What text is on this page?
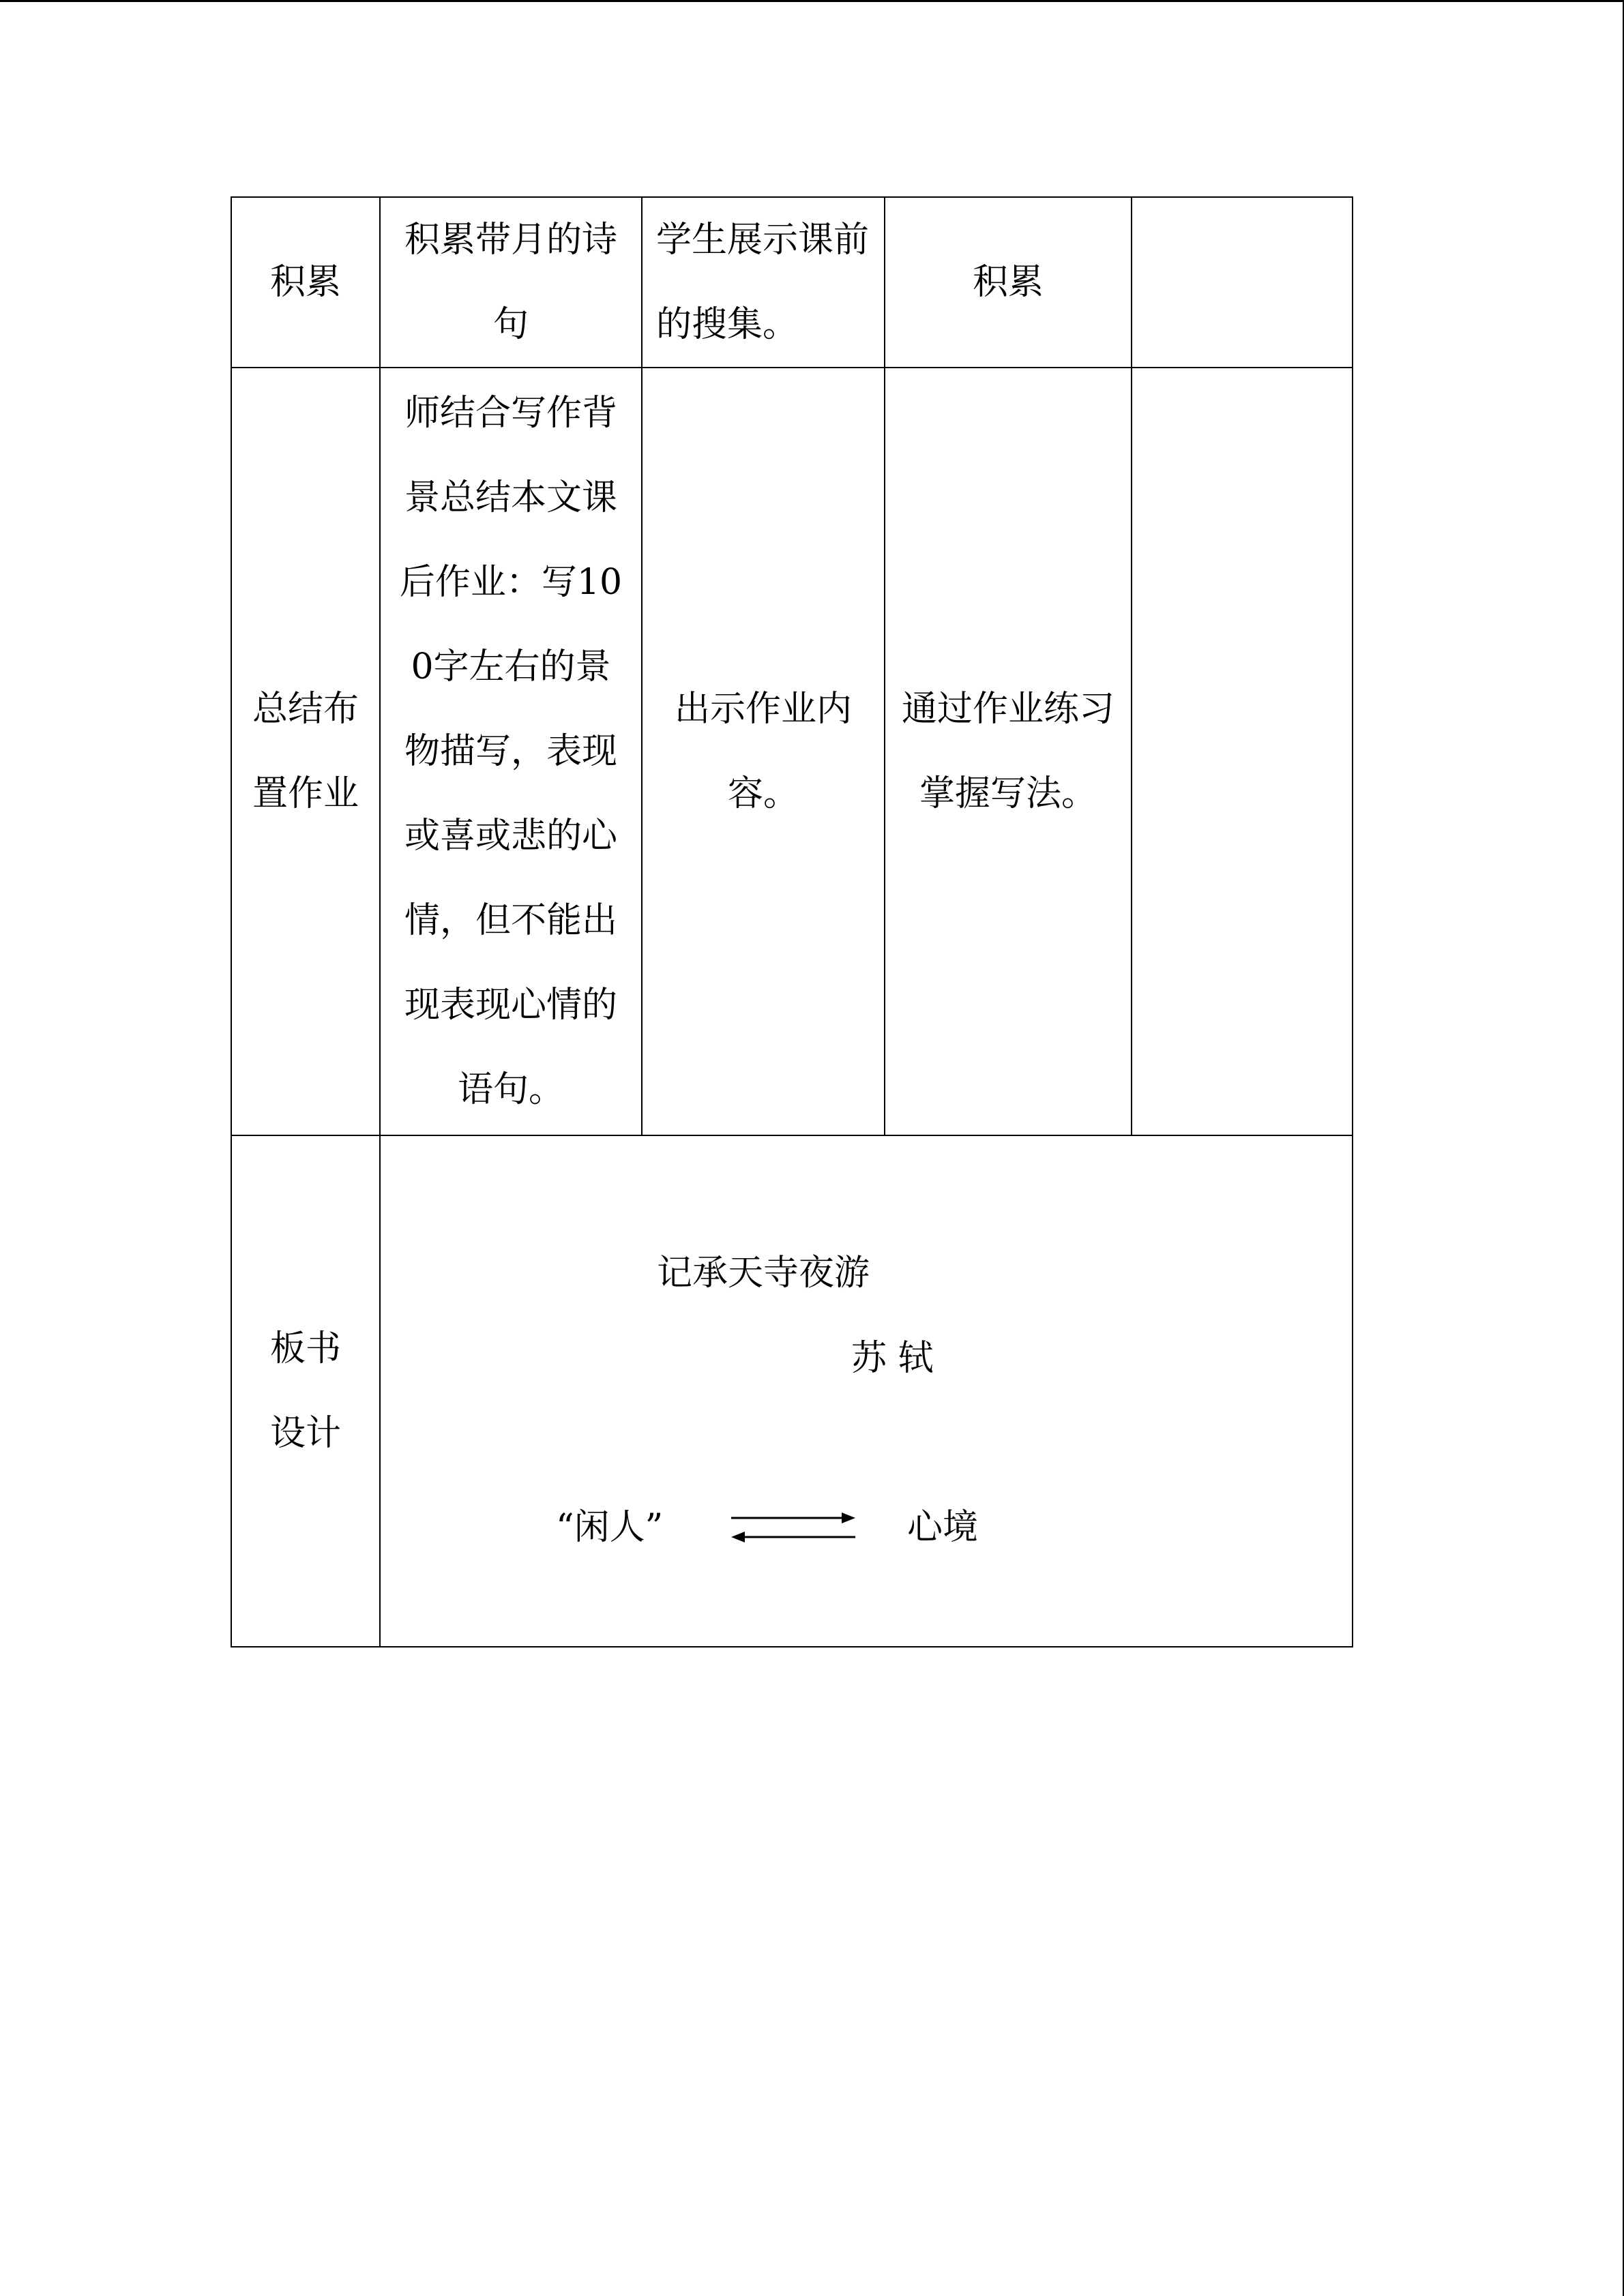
积累	积累带月的诗句	学生展示课前的搜集。	积累	
总结布置作业	师结合写作背景总结本文课后作业：写100字左右的景物描写，表现或喜或悲的心情，但不能出现表现心情的语句。	出示作业内容。	通过作业练习掌握写法。	
板书设计	记承天寺夜游
苏 轼
“闲人” 心境			
